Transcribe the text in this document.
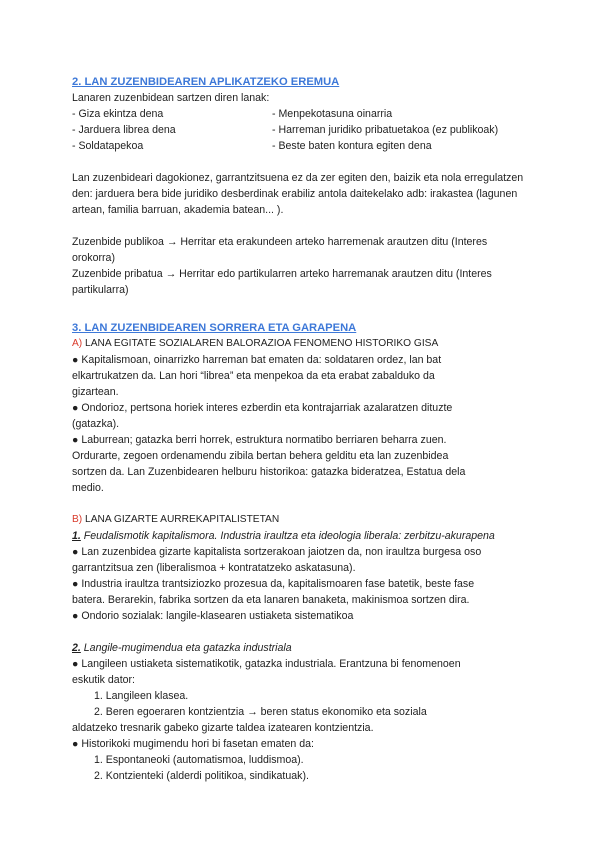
2. LAN ZUZENBIDEAREN APLIKATZEKO EREMUA

Lanaren zuzenbidean sartzen diren lanak:

- Giza ekintza dena

- Jarduera librea dena

- Soldatapekoa

- Menpekotasuna oinarria

- Harreman juridiko pribatuetakoa (ez publikoak)

- Beste baten kontura egiten dena

Lan zuzenbideari dagokionez, garrantzitsuena ez da zer egiten den, baizik eta nola erregulatzen

den: jarduera bera bide juridiko desberdinak erabiliz antola daitekelako adb: irakastea (lagunen

artean, familia barruan, akademia batean... ).

Zuzenbide publikoa → Herritar eta erakundeen arteko harremenak arautzen ditu (Interes

orokorra)

Zuzenbide pribatua → Herritar edo partikularren arteko harremanak arautzen ditu (Interes

partikularra)

3. LAN ZUZENBIDEAREN SORRERA ETA GARAPENA

A) LANA EGITATE SOZIALAREN BALORAZIOA FENOMENO HISTORIKO GISA

● Kapitalismoan, oinarrizko harreman bat ematen da: soldataren ordez, lan bat

elkartrukatzen da. Lan hori “librea” eta menpekoa da eta erabat zabalduko da

gizartean.

● Ondorioz, pertsona horiek interes ezberdin eta kontrajarriak azalaratzen dituzte

(gatazka).

● Laburrean; gatazka berri horrek, estruktura normatibo berriaren beharra zuen.

Ordurarte, zegoen ordenamendu zibila bertan behera gelditu eta lan zuzenbidea

sortzen da. Lan Zuzenbidearen helburu historikoa: gatazka bideratzea, Estatua dela

medio.

B) LANA GIZARTE AURREKAPITALISTETAN

1. Feudalismotik kapitalismora. Industria iraultza eta ideologia liberala: zerbitzu-akurapena

● Lan zuzenbidea gizarte kapitalista sortzerakoan jaiotzen da, non iraultza burgesa oso

garrantzitsua zen (liberalismoa + kontratatzeko askatasuna).

● Industria iraultza trantsiziozko prozesua da, kapitalismoaren fase batetik, beste fase

batera. Berarekin, fabrika sortzen da eta lanaren banaketa, makinismoa sortzen dira.

● Ondorio sozialak: langile-klasearen ustiaketa sistematikoa

2. Langile-mugimendua eta gatazka industriala

● Langileen ustiaketa sistematikotik, gatazka industriala. Erantzuna bi fenomenoen

eskutik dator:

1. Langileen klasea.

2. Beren egoeraren kontzientzia → beren status ekonomiko eta soziala

aldatzeko tresnarik gabeko gizarte taldea izatearen kontzientzia.

● Historikoki mugimendu hori bi fasetan ematen da:

1. Espontaneoki (automatismoa, luddismoa).

2. Kontzienteki (alderdi politikoa, sindikatuak).
